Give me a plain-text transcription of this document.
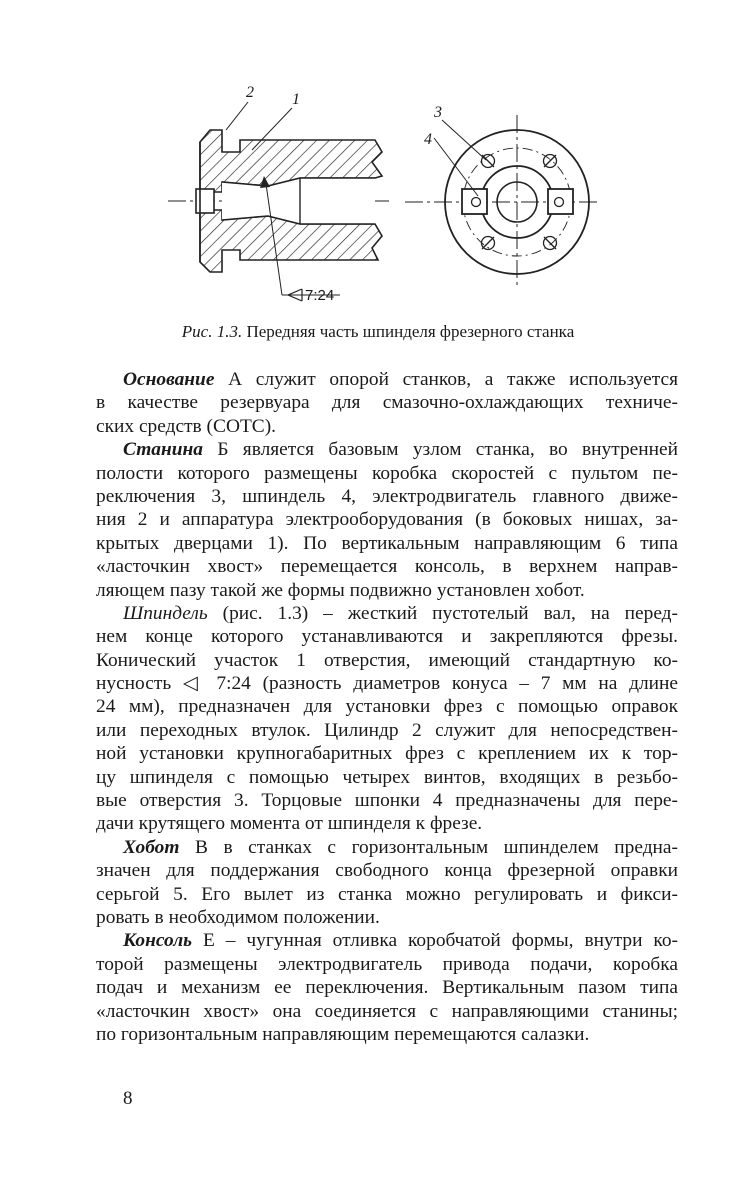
2 1
7:24
3
4
Рис. 1.3. Передняя часть шпинделя фрезерного станка
Основание А служит опорой станков, а также используется
в качестве резервуара для смазочно-охлаждающих техниче-
ских средств (СОТС).
Станина Б является базовым узлом станка, во внутренней
полости которого размещены коробка скоростей с пультом пе-
реключения 3, шпиндель 4, электродвигатель главного движе-
ния 2 и аппаратура электрооборудования (в боковых нишах, за-
крытых дверцами 1). По вертикальным направляющим 6 типа
«ласточкин хвост» перемещается консоль, в верхнем направ-
ляющем пазу такой же формы подвижно установлен хобот.
Шпиндель (рис. 1.3) – жесткий пустотелый вал, на перед-
нем конце которого устанавливаются и закрепляются фрезы.
Конический участок 1 отверстия, имеющий стандартную ко-
нусность ◁ 7:24 (разность диаметров конуса – 7 мм на длине
24 мм), предназначен для установки фрез с помощью оправок
или переходных втулок. Цилиндр 2 служит для непосредствен-
ной установки крупногабаритных фрез с креплением их к тор-
цу шпинделя с помощью четырех винтов, входящих в резьбо-
вые отверстия 3. Торцовые шпонки 4 предназначены для пере-
дачи крутящего момента от шпинделя к фрезе.
Хобот В в станках с горизонтальным шпинделем предна-
значен для поддержания свободного конца фрезерной оправки
серьгой 5. Его вылет из станка можно регулировать и фикси-
ровать в необходимом положении.
Консоль Е – чугунная отливка коробчатой формы, внутри ко-
торой размещены электродвигатель привода подачи, коробка
подач и механизм ее переключения. Вертикальным пазом типа
«ласточкин хвост» она соединяется с направляющими станины;
по горизонтальным направляющим перемещаются салазки.
8
